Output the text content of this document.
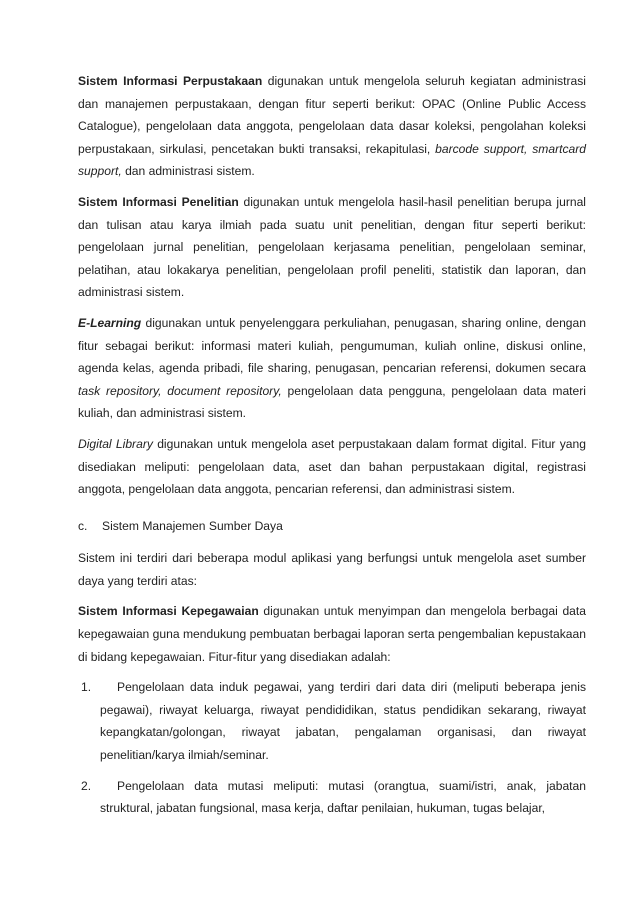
Sistem Informasi Perpustakaan digunakan untuk mengelola seluruh kegiatan administrasi dan manajemen perpustakaan, dengan fitur seperti berikut: OPAC (Online Public Access Catalogue), pengelolaan data anggota, pengelolaan data dasar koleksi, pengolahan koleksi perpustakaan, sirkulasi, pencetakan bukti transaksi, rekapitulasi, barcode support, smartcard support, dan administrasi sistem.

Sistem Informasi Penelitian digunakan untuk mengelola hasil-hasil penelitian berupa jurnal dan tulisan atau karya ilmiah pada suatu unit penelitian, dengan fitur seperti berikut: pengelolaan jurnal penelitian, pengelolaan kerjasama penelitian, pengelolaan seminar, pelatihan, atau lokakarya penelitian, pengelolaan profil peneliti, statistik dan laporan, dan administrasi sistem.

E-Learning digunakan untuk penyelenggara perkuliahan, penugasan, sharing online, dengan fitur sebagai berikut: informasi materi kuliah, pengumuman, kuliah online, diskusi online, agenda kelas, agenda pribadi, file sharing, penugasan, pencarian referensi, dokumen secara task repository, document repository, pengelolaan data pengguna, pengelolaan data materi kuliah, dan administrasi sistem.

Digital Library digunakan untuk mengelola aset perpustakaan dalam format digital. Fitur yang disediakan meliputi: pengelolaan data, aset dan bahan perpustakaan digital, registrasi anggota, pengelolaan data anggota, pencarian referensi, dan administrasi sistem.

c. Sistem Manajemen Sumber Daya

Sistem ini terdiri dari beberapa modul aplikasi yang berfungsi untuk mengelola aset sumber daya yang terdiri atas:

Sistem Informasi Kepegawaian digunakan untuk menyimpan dan mengelola berbagai data kepegawaian guna mendukung pembuatan berbagai laporan serta pengembalian kepustakaan di bidang kepegawaian. Fitur-fitur yang disediakan adalah:

1. Pengelolaan data induk pegawai, yang terdiri dari data diri (meliputi beberapa jenis pegawai), riwayat keluarga, riwayat pendididikan, status pendidikan sekarang, riwayat kepangkatan/golongan, riwayat jabatan, pengalaman organisasi, dan riwayat penelitian/karya ilmiah/seminar.
2. Pengelolaan data mutasi meliputi: mutasi (orangtua, suami/istri, anak, jabatan struktural, jabatan fungsional, masa kerja, daftar penilaian, hukuman, tugas belajar,
